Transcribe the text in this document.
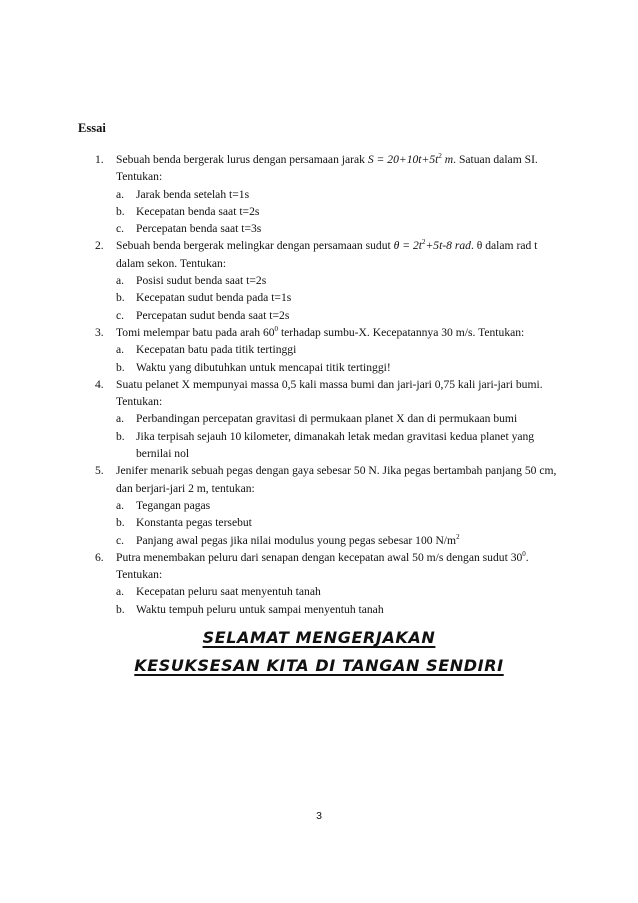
Essai
1. Sebuah benda bergerak lurus dengan persamaan jarak $S = 20+10t+5t^2$ m. Satuan dalam SI. Tentukan:
a. Jarak benda setelah t=1s
b. Kecepatan benda saat t=2s
c. Percepatan benda saat t=3s
2. Sebuah benda bergerak melingkar dengan persamaan sudut $\theta = 2t^2+5t-8$ rad. θ dalam rad t dalam sekon. Tentukan:
a. Posisi sudut benda saat t=2s
b. Kecepatan sudut benda pada t=1s
c. Percepatan sudut benda saat t=2s
3. Tomi melempar batu pada arah $60^0$ terhadap sumbu-X. Kecepatannya 30 m/s. Tentukan:
a. Kecepatan batu pada titik tertinggi
b. Waktu yang dibutuhkan untuk mencapai titik tertinggi!
4. Suatu pelanet X mempunyai massa 0,5 kali massa bumi dan jari-jari 0,75 kali jari-jari bumi. Tentukan:
a. Perbandingan percepatan gravitasi di permukaan planet X dan di permukaan bumi
b. Jika terpisah sejauh 10 kilometer, dimanakah letak medan gravitasi kedua planet yang bernilai nol
5. Jenifer menarik sebuah pegas dengan gaya sebesar 50 N. Jika pegas bertambah panjang 50 cm, dan berjari-jari 2 m, tentukan:
a. Tegangan pagas
b. Konstanta pegas tersebut
c. Panjang awal pegas jika nilai modulus young pegas sebesar 100 $N/m^2$
6. Putra menembakan peluru dari senapan dengan kecepatan awal 50 m/s dengan sudut $30^0$. Tentukan:
a. Kecepatan peluru saat menyentuh tanah
b. Waktu tempuh peluru untuk sampai menyentuh tanah
SELAMAT MENGERJAKAN
KESUKSESAN KITA DI TANGAN SENDIRI
3
